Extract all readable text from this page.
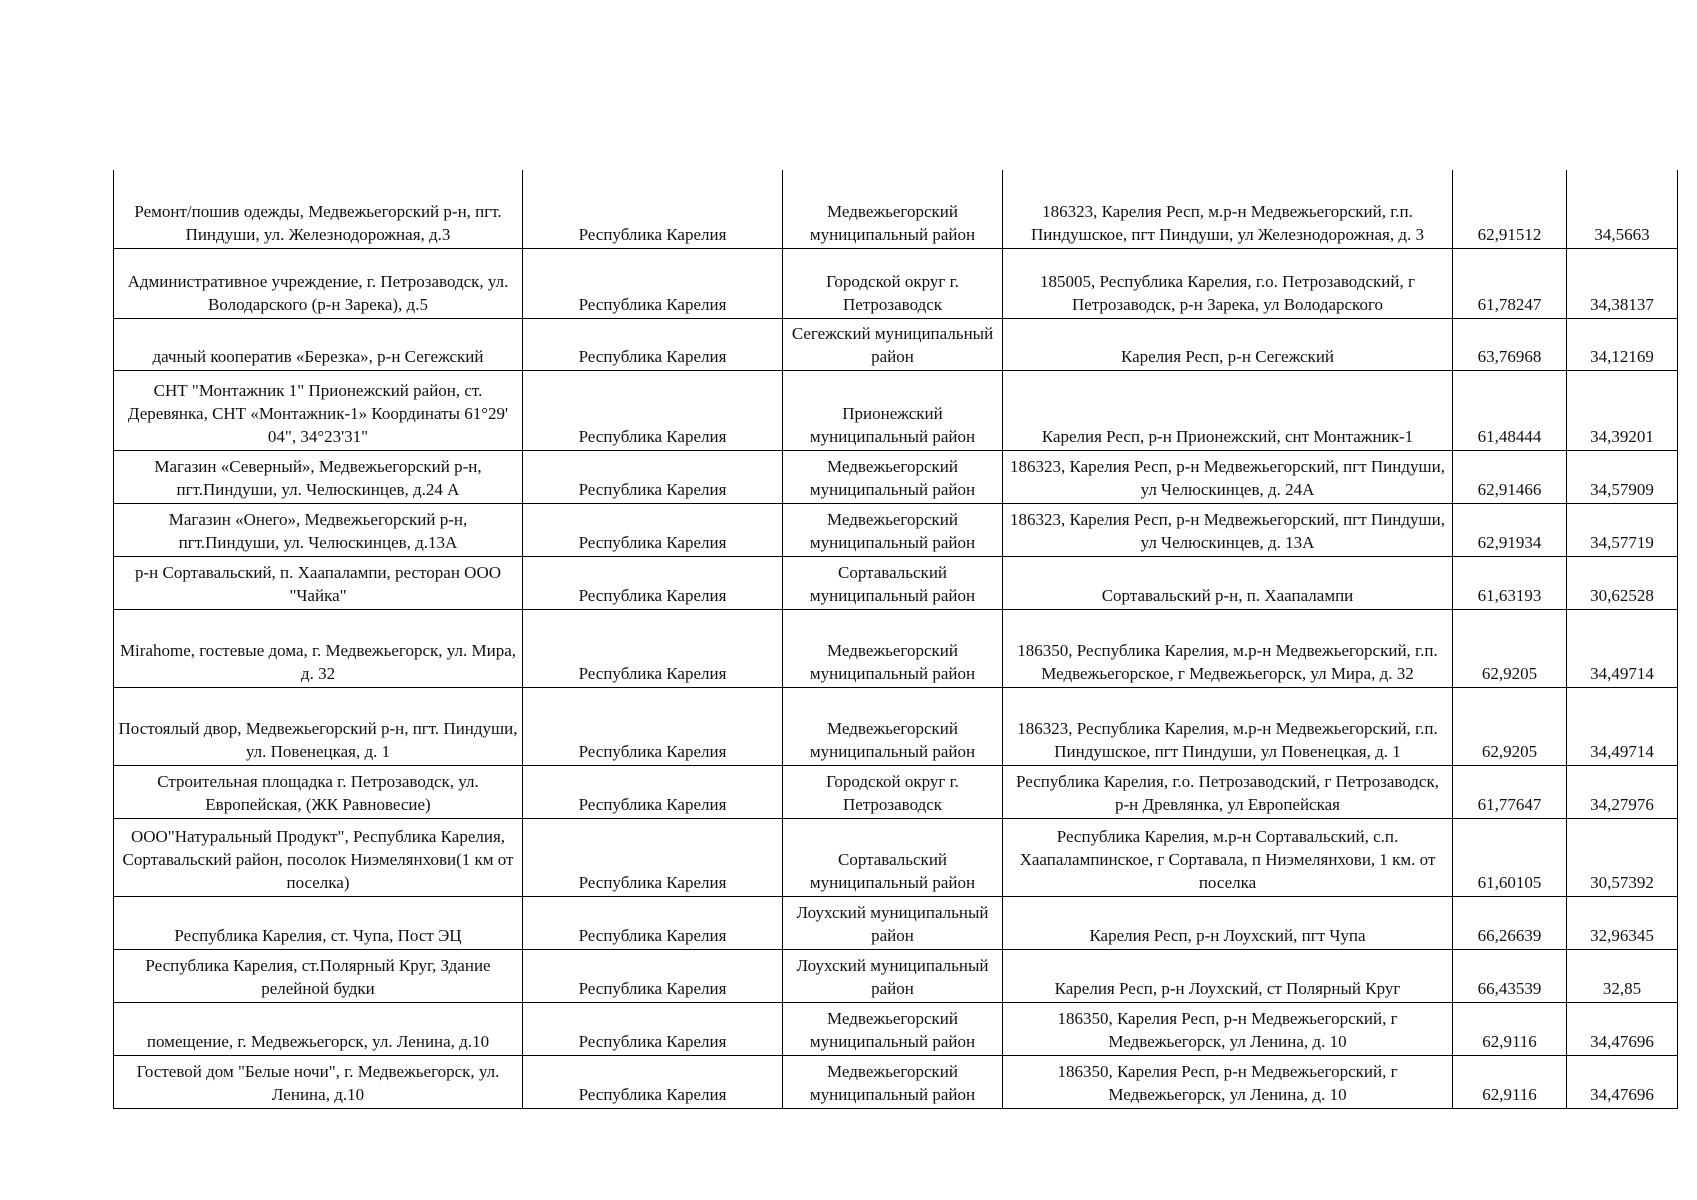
Ремонт/пошив одежды, Медвежьегорский р-н, пгт. Пиндуши, ул. Железнодорожная, д.3	Республика Карелия	Медвежьегорский муниципальный район	186323, Карелия Респ, м.р-н Медвежьегорский, г.п. Пиндушское, пгт Пиндуши, ул Железнодорожная, д. 3	62,91512	34,5663
Административное учреждение, г. Петрозаводск, ул. Володарского (р-н Зарека), д.5	Республика Карелия	Городской округ г. Петрозаводск	185005, Республика Карелия, г.о. Петрозаводский, г Петрозаводск, р-н Зарека, ул Володарского	61,78247	34,38137
дачный кооператив «Березка», р-н Сегежский	Республика Карелия	Сегежский муниципальный район	Карелия Респ, р-н Сегежский	63,76968	34,12169
СНТ "Монтажник 1" Прионежский район, ст. Деревянка, СНТ «Монтажник-1» Координаты 61°29' 04", 34°23'31"	Республика Карелия	Прионежский муниципальный район	Карелия Респ, р-н Прионежский, снт Монтажник-1	61,48444	34,39201
Магазин «Северный», Медвежьегорский р-н, пгт.Пиндуши, ул. Челюскинцев, д.24 А	Республика Карелия	Медвежьегорский муниципальный район	186323, Карелия Респ, р-н Медвежьегорский, пгт Пиндуши, ул Челюскинцев, д. 24А	62,91466	34,57909
Магазин «Онего», Медвежьегорский р-н, пгт.Пиндуши, ул. Челюскинцев, д.13А	Республика Карелия	Медвежьегорский муниципальный район	186323, Карелия Респ, р-н Медвежьегорский, пгт Пиндуши, ул Челюскинцев, д. 13А	62,91934	34,57719
р-н Сортавальский, п. Хаапалампи, ресторан ООО "Чайка"	Республика Карелия	Сортавальский муниципальный район	Сортавальский р-н, п. Хаапалампи	61,63193	30,62528
Mirahome, гостевые дома, г. Медвежьегорск, ул. Мира, д. 32	Республика Карелия	Медвежьегорский муниципальный район	186350, Республика Карелия, м.р-н Медвежьегорский, г.п. Медвежьегорское, г Медвежьегорск, ул Мира, д. 32	62,9205	34,49714
Постоялый двор, Медвежьегорский р-н, пгт. Пиндуши, ул. Повенецкая, д. 1	Республика Карелия	Медвежьегорский муниципальный район	186323, Республика Карелия, м.р-н Медвежьегорский, г.п. Пиндушское, пгт Пиндуши, ул Повенецкая, д. 1	62,9205	34,49714
Строительная площадка г. Петрозаводск, ул. Европейская, (ЖК Равновесие)	Республика Карелия	Городской округ г. Петрозаводск	Республика Карелия, г.о. Петрозаводский, г Петрозаводск, р-н Древлянка, ул Европейская	61,77647	34,27976
ООО"Натуральный Продукт", Республика Карелия, Сортавальский район, посолок Ниэмелянхови(1 км от поселка)	Республика Карелия	Сортавальский муниципальный район	Республика Карелия, м.р-н Сортавальский, с.п. Хаапалампинское, г Сортавала, п Ниэмелянхови, 1 км. от поселка	61,60105	30,57392
Республика Карелия, ст. Чупа, Пост ЭЦ	Республика Карелия	Лоухский муниципальный район	Карелия Респ, р-н Лоухский, пгт Чупа	66,26639	32,96345
Республика Карелия, ст.Полярный Круг, Здание релейной будки	Республика Карелия	Лоухский муниципальный район	Карелия Респ, р-н Лоухский, ст Полярный Круг	66,43539	32,85
помещение, г. Медвежьегорск, ул. Ленина, д.10	Республика Карелия	Медвежьегорский муниципальный район	186350, Карелия Респ, р-н Медвежьегорский, г Медвежьегорск, ул Ленина, д. 10	62,9116	34,47696
Гостевой дом "Белые ночи", г. Медвежьегорск, ул. Ленина, д.10	Республика Карелия	Медвежьегорский муниципальный район	186350, Карелия Респ, р-н Медвежьегорский, г Медвежьегорск, ул Ленина, д. 10	62,9116	34,47696
